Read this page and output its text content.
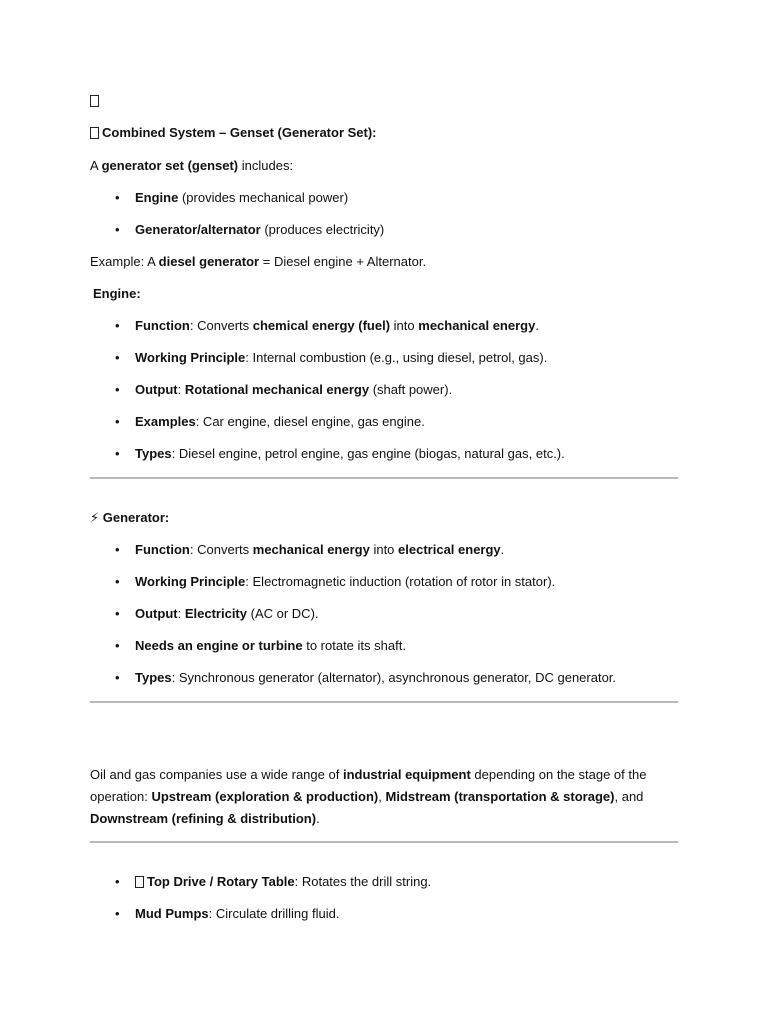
Combined System – Genset (Generator Set):
A generator set (genset) includes:
• Engine (provides mechanical power)
• Generator/alternator (produces electricity)
Example: A diesel generator = Diesel engine + Alternator.
Engine:
• Function: Converts chemical energy (fuel) into mechanical energy.
• Working Principle: Internal combustion (e.g., using diesel, petrol, gas).
• Output: Rotational mechanical energy (shaft power).
• Examples: Car engine, diesel engine, gas engine.
• Types: Diesel engine, petrol engine, gas engine (biogas, natural gas, etc.).
⚡ Generator:
• Function: Converts mechanical energy into electrical energy.
• Working Principle: Electromagnetic induction (rotation of rotor in stator).
• Output: Electricity (AC or DC).
• Needs an engine or turbine to rotate its shaft.
• Types: Synchronous generator (alternator), asynchronous generator, DC generator.
Oil and gas companies use a wide range of industrial equipment depending on the stage of the operation: Upstream (exploration & production), Midstream (transportation & storage), and
Downstream (refining & distribution).
• Top Drive / Rotary Table: Rotates the drill string.
• Mud Pumps: Circulate drilling fluid.
